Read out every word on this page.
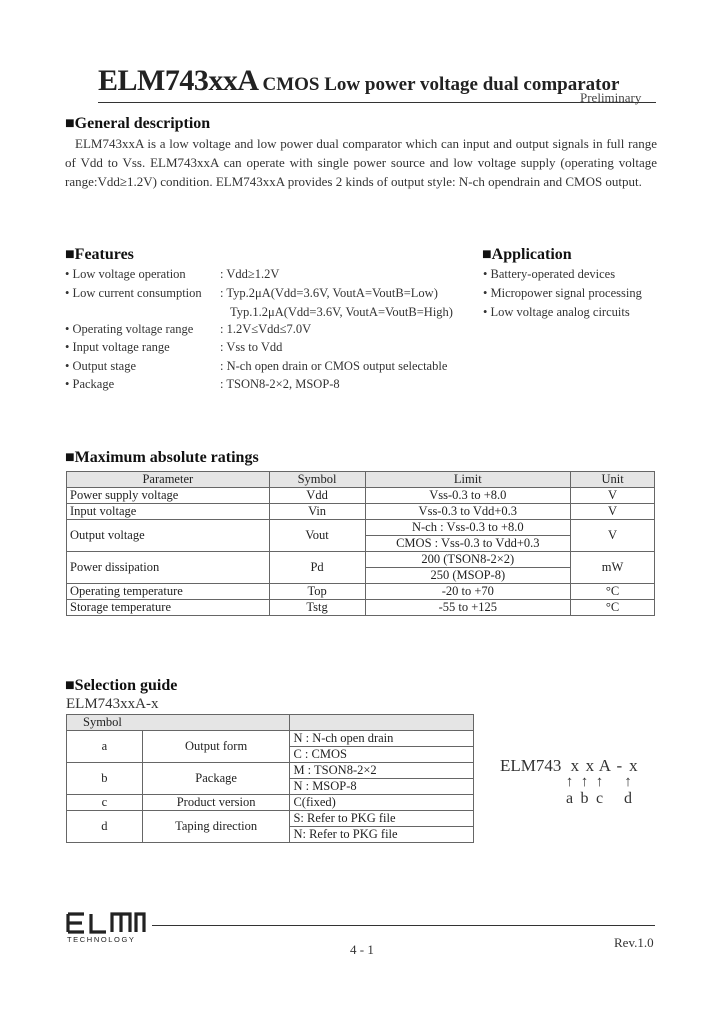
ELM743xxA CMOS Low power voltage dual comparator
Preliminary
■General description
ELM743xxA is a low voltage and low power dual comparator which can input and output signals in full range of Vdd to Vss. ELM743xxA can operate with single power source and low voltage supply (operating voltage range:Vdd≥1.2V) condition. ELM743xxA provides 2 kinds of output style: N-ch opendrain and CMOS output.
■Features
• Low voltage operation	: Vdd≥1.2V
• Low current consumption : Typ.2μA(Vdd=3.6V, VoutA=VoutB=Low)
Typ.1.2μA(Vdd=3.6V, VoutA=VoutB=High)
• Operating voltage range : 1.2V≤Vdd≤7.0V
• Input voltage range	: Vss to Vdd
• Output stage	: N-ch open drain or CMOS output selectable
• Package	: TSON8-2×2, MSOP-8
■Application
• Battery-operated devices
• Micropower signal processing
• Low voltage analog circuits
■Maximum absolute ratings
Parameter	Symbol	Limit	Unit
Power supply voltage	Vdd	Vss-0.3 to +8.0	V
Input voltage	Vin	Vss-0.3 to Vdd+0.3	V
Output voltage	Vout	N-ch : Vss-0.3 to +8.0	V
		CMOS : Vss-0.3 to Vdd+0.3	
Power dissipation	Pd	200 (TSON8-2×2)	mW
		250 (MSOP-8)	
Operating temperature	Top	-20 to +70	°C
Storage temperature	Tstg	-55 to +125	°C
■Selection guide
ELM743xxA-x
Symbol		
a	Output form	N : N-ch open drain
		C : CMOS
b	Package	M : TSON8-2×2
		N : MSOP-8
c	Product version	C(fixed)
d	Taping direction	S: Refer to PKG file
		N: Refer to PKG file
ELM743 x x A - x
↑ ↑ ↑ ↑
a b c d
TECHNOLOGY
4 - 1	Rev.1.0
